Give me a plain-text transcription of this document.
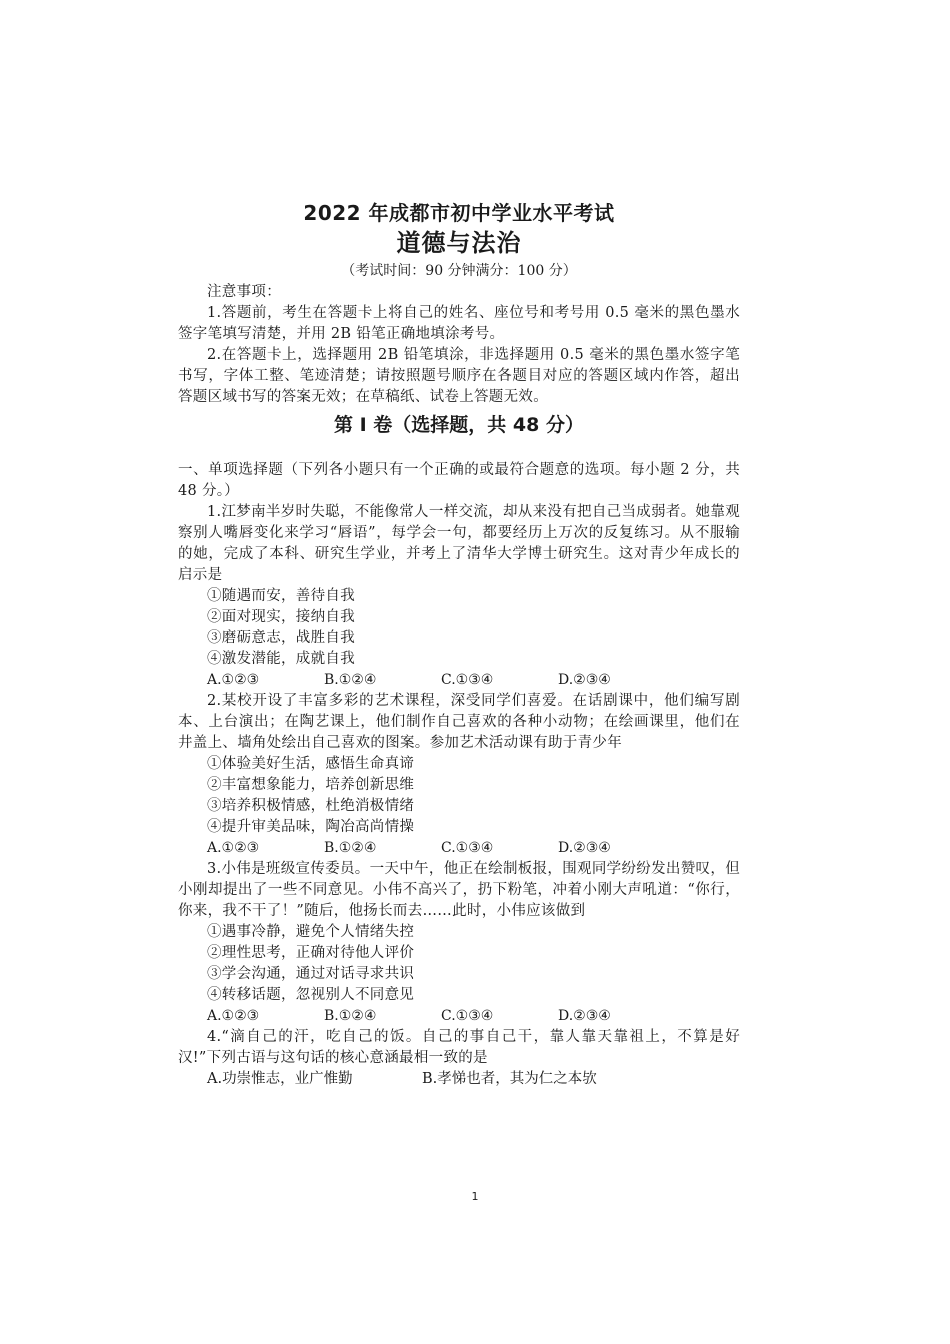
2022 年成都市初中学业水平考试
道德与法治

（考试时间：90 分钟满分：100 分）

注意事项：

1.答题前，考生在答题卡上将自己的姓名、座位号和考号用 0.5 毫米的黑色墨水签字笔填写清楚，并用 2B 铅笔正确地填涂考号。

2.在答题卡上，选择题用 2B 铅笔填涂，非选择题用 0.5 毫米的黑色墨水签字笔书写，字体工整、笔迹清楚；请按照题号顺序在各题目对应的答题区域内作答，超出答题区域书写的答案无效；在草稿纸、试卷上答题无效。

第 I 卷（选择题，共 48 分）

一、单项选择题（下列各小题只有一个正确的或最符合题意的选项。每小题 2 分，共 48 分。）

1.江梦南半岁时失聪，不能像常人一样交流，却从来没有把自己当成弱者。她靠观察别人嘴唇变化来学习“唇语”，每学会一句，都要经历上万次的反复练习。从不服输的她，完成了本科、研究生学业，并考上了清华大学博士研究生。这对青少年成长的启示是

①随遇而安，善待自我

②面对现实，接纳自我

③磨砺意志，战胜自我

④激发潜能，成就自我

A.①②③	B.①②④	C.①③④	D.②③④

2.某校开设了丰富多彩的艺术课程，深受同学们喜爱。在话剧课中，他们编写剧本、上台演出；在陶艺课上，他们制作自己喜欢的各种小动物；在绘画课里，他们在井盖上、墙角处绘出自己喜欢的图案。参加艺术活动课有助于青少年

①体验美好生活，感悟生命真谛

②丰富想象能力，培养创新思维

③培养积极情感，杜绝消极情绪

④提升审美品味，陶冶高尚情操

A.①②③	B.①②④	C.①③④	D.②③④

3.小伟是班级宣传委员。一天中午，他正在绘制板报，围观同学纷纷发出赞叹，但小刚却提出了一些不同意见。小伟不高兴了，扔下粉笔，冲着小刚大声吼道：“你行，你来，我不干了！”随后，他扬长而去……此时，小伟应该做到

①遇事冷静，避免个人情绪失控

②理性思考，正确对待他人评价

③学会沟通，通过对话寻求共识

④转移话题，忽视别人不同意见

A.①②③	B.①②④	C.①③④	D.②③④

4.“滴自己的汗，吃自己的饭。自己的事自己干，靠人靠天靠祖上，不算是好汉!”下列古语与这句话的核心意涵最相一致的是

A.功崇惟志，业广惟勤	B.孝悌也者，其为仁之本欤
1
